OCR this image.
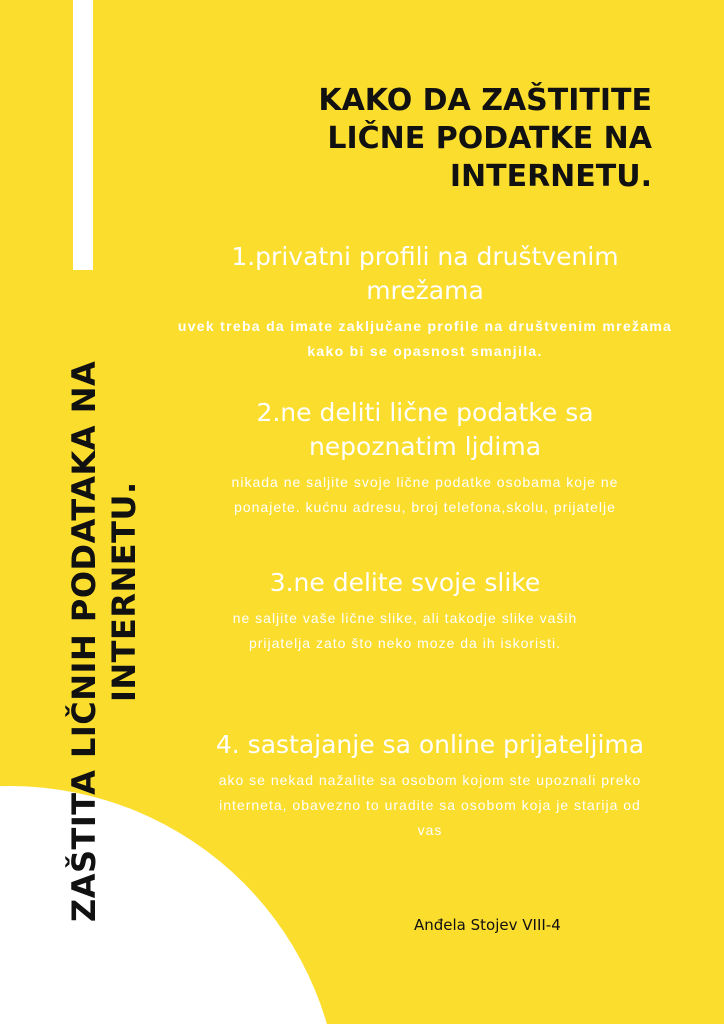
ZAŠTITA LIČNIH PODATAKA NA INTERNETU.
KAKO DA ZAŠTITITE
LIČNE PODATKE NA
INTERNETU.
1.privatni profili na društvenim
mrežama

uvek treba da imate zaključane profile na društvenim mrežama kako bi se opasnost smanjila.

2.ne deliti lične podatke sa
nepoznatim ljdima

nikada ne saljite svoje lične podatke osobama koje ne ponajete. kućnu adresu, broj telefona,skolu, prijatelje

3.ne delite svoje slike

ne saljite vaše lične slike, ali takodje slike vaših prijatelja zato što neko moze da ih iskoristi.

4. sastajanje sa online prijateljima

ako se nekad nažalite sa osobom kojom ste upoznali preko interneta, obavezno to uradite sa osobom koja je starija od vas

Anđela Stojev VIII-4
